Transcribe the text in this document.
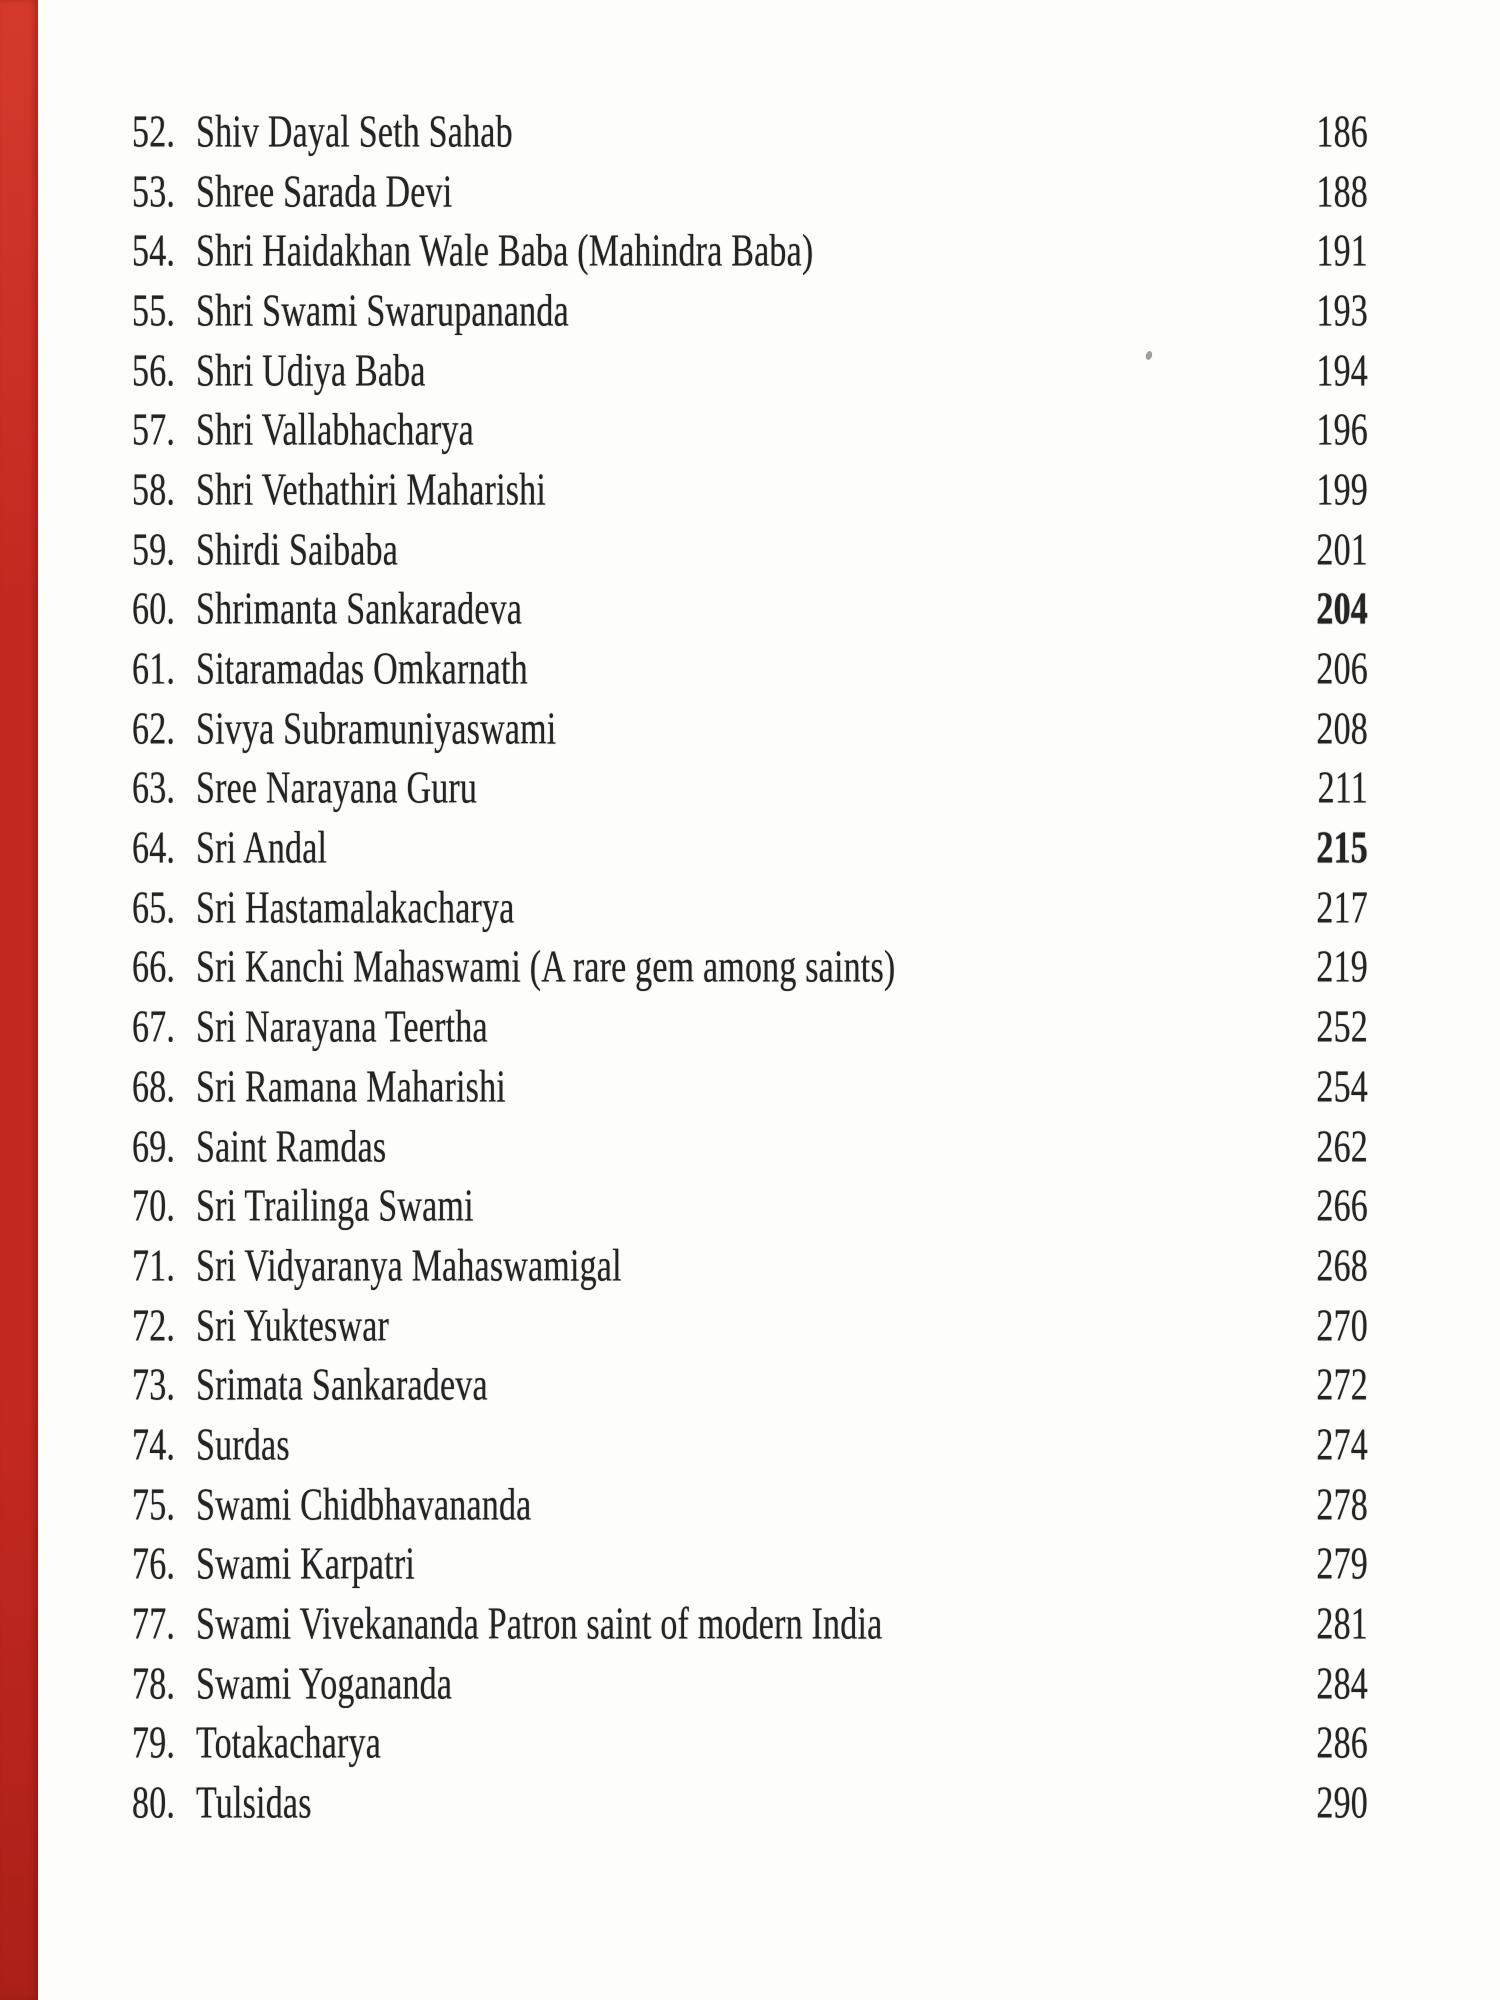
52. Shiv Dayal Seth Sahab	186
53. Shree Sarada Devi	188
54. Shri Haidakhan Wale Baba (Mahindra Baba)	191
55. Shri Swami Swarupananda	193
56. Shri Udiya Baba	194
57. Shri Vallabhacharya	196
58. Shri Vethathiri Maharishi	199
59. Shirdi Saibaba	201
60. Shrimanta Sankaradeva	204
61. Sitaramadas Omkarnath	206
62. Sivya Subramuniyaswami	208
63. Sree Narayana Guru	211
64. Sri Andal	215
65. Sri Hastamalakacharya	217
66. Sri Kanchi Mahaswami (A rare gem among saints)	219
67. Sri Narayana Teertha	252
68. Sri Ramana Maharishi	254
69. Saint Ramdas	262
70. Sri Trailinga Swami	266
71. Sri Vidyaranya Mahaswamigal	268
72. Sri Yukteswar	270
73. Srimata Sankaradeva	272
74. Surdas	274
75. Swami Chidbhavananda	278
76. Swami Karpatri	279
77. Swami Vivekananda Patron saint of modern India	281
78. Swami Yogananda	284
79. Totakacharya	286
80. Tulsidas	290
